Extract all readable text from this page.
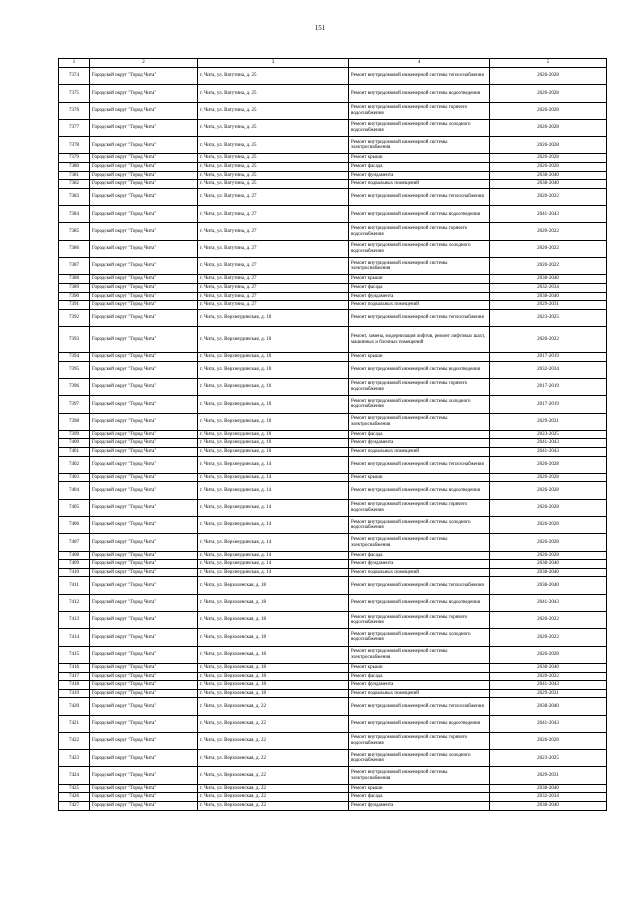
151
1	2	3	4	5
7374	Городской округ "Город Чита"	г. Чита, ул. Ватутина, д. 25	Ремонт внутридомовой инженерной системы теплоснабжения	2026-2028
7375	Городской округ "Город Чита"	г. Чита, ул. Ватутина, д. 25	Ремонт внутридомовой инженерной системы водоотведения	2026-2028
7376	Городской округ "Город Чита"	г. Чита, ул. Ватутина, д. 25	Ремонт внутридомовой инженерной системы горячего водоснабжения	2026-2028
7377	Городской округ "Город Чита"	г. Чита, ул. Ватутина, д. 25	Ремонт внутридомовой инженерной системы холодного водоснабжения	2026-2028
7378	Городской округ "Город Чита"	г. Чита, ул. Ватутина, д. 25	Ремонт внутридомовой инженерной системы электроснабжения	2026-2028
7379	Городской округ "Город Чита"	г. Чита, ул. Ватутина, д. 25	Ремонт крыши	2026-2028
7380	Городской округ "Город Чита"	г. Чита, ул. Ватутина, д. 25	Ремонт фасада	2026-2028
7381	Городской округ "Город Чита"	г. Чита, ул. Ватутина, д. 25	Ремонт фундамента	2038-2040
7382	Городской округ "Город Чита"	г. Чита, ул. Ватутина, д. 25	Ремонт подвальных помещений	2038-2040
7383	Городской округ "Город Чита"	г. Чита, ул. Ватутина, д. 27	Ремонт внутридомовой инженерной системы теплоснабжения	2020-2022
7384	Городской округ "Город Чита"	г. Чита, ул. Ватутина, д. 27	Ремонт внутридомовой инженерной системы водоотведения	2041-2043
7385	Городской округ "Город Чита"	г. Чита, ул. Ватутина, д. 27	Ремонт внутридомовой инженерной системы горячего водоснабжения	2020-2022
7386	Городской округ "Город Чита"	г. Чита, ул. Ватутина, д. 27	Ремонт внутридомовой инженерной системы холодного водоснабжения	2020-2022
7387	Городской округ "Город Чита"	г. Чита, ул. Ватутина, д. 27	Ремонт внутридомовой инженерной системы электроснабжения	2020-2022
7388	Городской округ "Город Чита"	г. Чита, ул. Ватутина, д. 27	Ремонт крыши	2038-2040
7389	Городской округ "Город Чита"	г. Чита, ул. Ватутина, д. 27	Ремонт фасада	2032-2034
7390	Городской округ "Город Чита"	г. Чита, ул. Ватутина, д. 27	Ремонт фундамента	2038-2040
7391	Городской округ "Город Чита"	г. Чита, ул. Ватутина, д. 27	Ремонт подвальных помещений	2029-2031
7392	Городской округ "Город Чита"	г. Чита, ул. Верхнеудинская, д. 10	Ремонт внутридомовой инженерной системы теплоснабжения	2023-2025
7393	Городской округ "Город Чита"	г. Чита, ул. Верхнеудинская, д. 10	Ремонт, замена, модернизация лифтов, ремонт лифтовых шахт, машинных и блочных помещений	2020-2022
7394	Городской округ "Город Чита"	г. Чита, ул. Верхнеудинская, д. 10	Ремонт крыши	2017-2019
7395	Городской округ "Город Чита"	г. Чита, ул. Верхнеудинская, д. 10	Ремонт внутридомовой инженерной системы водоотведения	2032-2034
7396	Городской округ "Город Чита"	г. Чита, ул. Верхнеудинская, д. 10	Ремонт внутридомовой инженерной системы горячего водоснабжения	2017-2019
7397	Городской округ "Город Чита"	г. Чита, ул. Верхнеудинская, д. 10	Ремонт внутридомовой инженерной системы холодного водоснабжения	2017-2019
7398	Городской округ "Город Чита"	г. Чита, ул. Верхнеудинская, д. 10	Ремонт внутридомовой инженерной системы электроснабжения	2029-2031
7399	Городской округ "Город Чита"	г. Чита, ул. Верхнеудинская, д. 10	Ремонт фасада	2023-2025
7400	Городской округ "Город Чита"	г. Чита, ул. Верхнеудинская, д. 10	Ремонт фундамента	2041-2043
7401	Городской округ "Город Чита"	г. Чита, ул. Верхнеудинская, д. 10	Ремонт подвальных помещений	2041-2043
7402	Городской округ "Город Чита"	г. Чита, ул. Верхнеудинская, д. 14	Ремонт внутридомовой инженерной системы теплоснабжения	2026-2028
7403	Городской округ "Город Чита"	г. Чита, ул. Верхнеудинская, д. 14	Ремонт крыши	2026-2028
7404	Городской округ "Город Чита"	г. Чита, ул. Верхнеудинская, д. 14	Ремонт внутридомовой инженерной системы водоотведения	2026-2028
7405	Городской округ "Город Чита"	г. Чита, ул. Верхнеудинская, д. 14	Ремонт внутридомовой инженерной системы горячего водоснабжения	2026-2028
7406	Городской округ "Город Чита"	г. Чита, ул. Верхнеудинская, д. 14	Ремонт внутридомовой инженерной системы холодного водоснабжения	2026-2028
7407	Городской округ "Город Чита"	г. Чита, ул. Верхнеудинская, д. 14	Ремонт внутридомовой инженерной системы электроснабжения	2026-2028
7408	Городской округ "Город Чита"	г. Чита, ул. Верхнеудинская, д. 14	Ремонт фасада	2026-2028
7409	Городской округ "Город Чита"	г. Чита, ул. Верхнеудинская, д. 14	Ремонт фундамента	2038-2040
7410	Городской округ "Город Чита"	г. Чита, ул. Верхнеудинская, д. 14	Ремонт подвальных помещений	2038-2040
7411	Городской округ "Город Чита"	г. Чита, ул. Верхоленская, д. 18	Ремонт внутридомовой инженерной системы теплоснабжения	2038-2040
7412	Городской округ "Город Чита"	г. Чита, ул. Верхоленская, д. 18	Ремонт внутридомовой инженерной системы водоотведения	2041-2043
7413	Городской округ "Город Чита"	г. Чита, ул. Верхоленская, д. 18	Ремонт внутридомовой инженерной системы горячего водоснабжения	2020-2022
7414	Городской округ "Город Чита"	г. Чита, ул. Верхоленская, д. 18	Ремонт внутридомовой инженерной системы холодного водоснабжения	2020-2022
7415	Городской округ "Город Чита"	г. Чита, ул. Верхоленская, д. 18	Ремонт внутридомовой инженерной системы электроснабжения	2026-2028
7416	Городской округ "Город Чита"	г. Чита, ул. Верхоленская, д. 18	Ремонт крыши	2038-2040
7417	Городской округ "Город Чита"	г. Чита, ул. Верхоленская, д. 18	Ремонт фасада	2020-2022
7418	Городской округ "Город Чита"	г. Чита, ул. Верхоленская, д. 18	Ремонт фундамента	2041-2043
7419	Городской округ "Город Чита"	г. Чита, ул. Верхоленская, д. 18	Ремонт подвальных помещений	2029-2031
7420	Городской округ "Город Чита"	г. Чита, ул. Верхоленская, д. 22	Ремонт внутридомовой инженерной системы теплоснабжения	2038-2040
7421	Городской округ "Город Чита"	г. Чита, ул. Верхоленская, д. 22	Ремонт внутридомовой инженерной системы водоотведения	2041-2043
7422	Городской округ "Город Чита"	г. Чита, ул. Верхоленская, д. 22	Ремонт внутридомовой инженерной системы горячего водоснабжения	2026-2028
7423	Городской округ "Город Чита"	г. Чита, ул. Верхоленская, д. 22	Ремонт внутридомовой инженерной системы холодного водоснабжения	2023-2025
7424	Городской округ "Город Чита"	г. Чита, ул. Верхоленская, д. 22	Ремонт внутридомовой инженерной системы электроснабжения	2029-2031
7425	Городской округ "Город Чита"	г. Чита, ул. Верхоленская, д. 22	Ремонт крыши	2038-2040
7426	Городской округ "Город Чита"	г. Чита, ул. Верхоленская, д. 22	Ремонт фасада	2032-2034
7427	Городской округ "Город Чита"	г. Чита, ул. Верхоленская, д. 22	Ремонт фундамента	2038-2040
